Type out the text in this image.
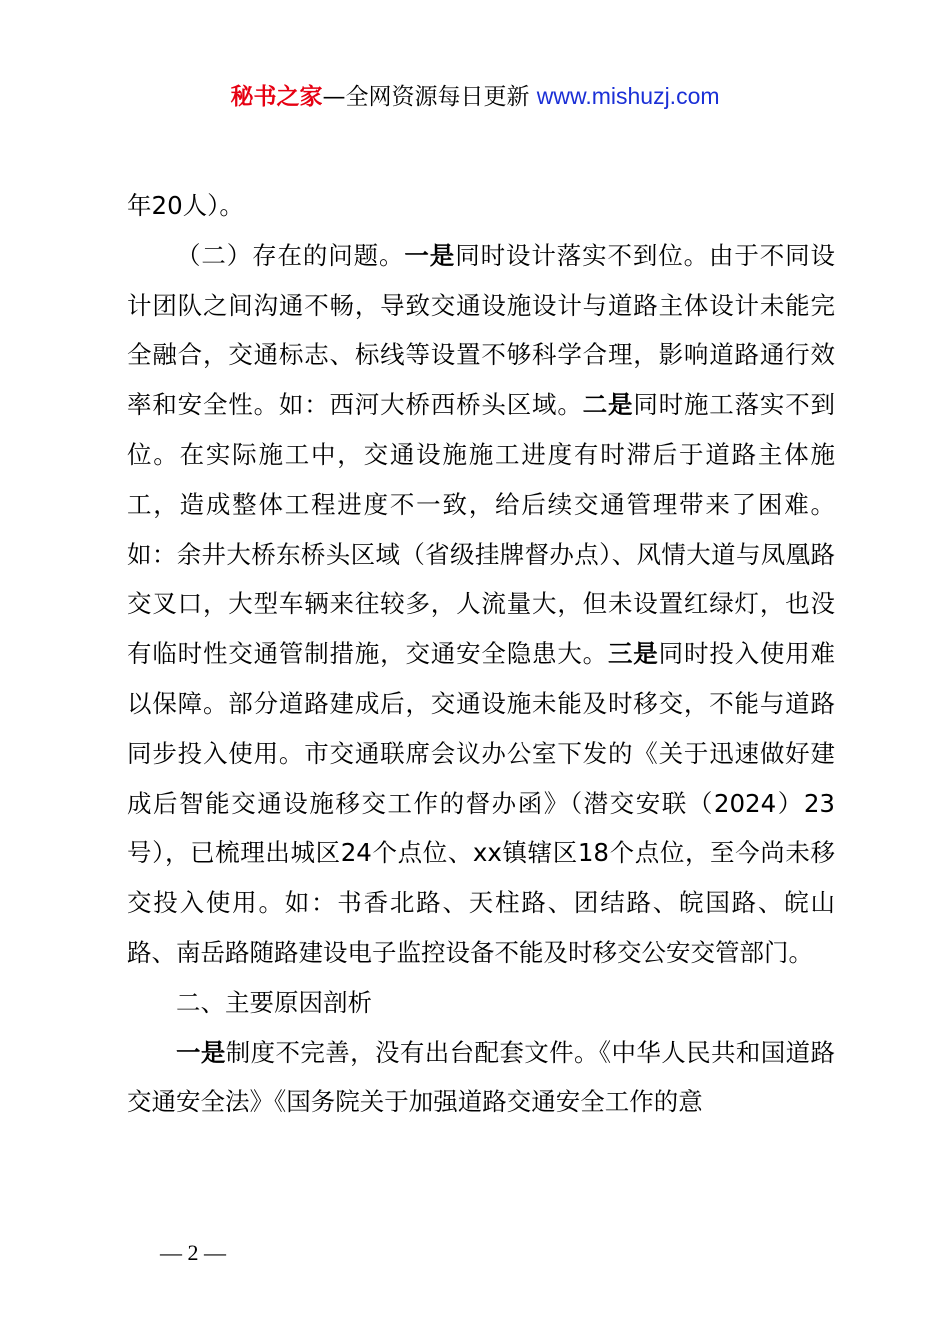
秘书之家—全网资源每日更新 www.mishuzj.com

年20人）。

（二）存在的问题。一是同时设计落实不到位。由于不同设计团队之间沟通不畅，导致交通设施设计与道路主体设计未能完全融合，交通标志、标线等设置不够科学合理，影响道路通行效率和安全性。如：西河大桥西桥头区域。二是同时施工落实不到位。在实际施工中，交通设施施工进度有时滞后于道路主体施工，造成整体工程进度不一致，给后续交通管理带来了困难。如：余井大桥东桥头区域（省级挂牌督办点）、风情大道与凤凰路交叉口，大型车辆来往较多，人流量大，但未设置红绿灯，也没有临时性交通管制措施，交通安全隐患大。三是同时投入使用难以保障。部分道路建成后，交通设施未能及时移交，不能与道路同步投入使用。市交通联席会议办公室下发的《关于迅速做好建成后智能交通设施移交工作的督办函》（潜交安联（2024）23号），已梳理出城区24个点位、xx镇辖区18个点位，至今尚未移交投入使用。如：书香北路、天柱路、团结路、皖国路、皖山路、南岳路随路建设电子监控设备不能及时移交公安交管部门。

二、主要原因剖析

一是制度不完善，没有出台配套文件。《中华人民共和国道路交通安全法》《国务院关于加强道路交通安全工作的意

— 2 —
